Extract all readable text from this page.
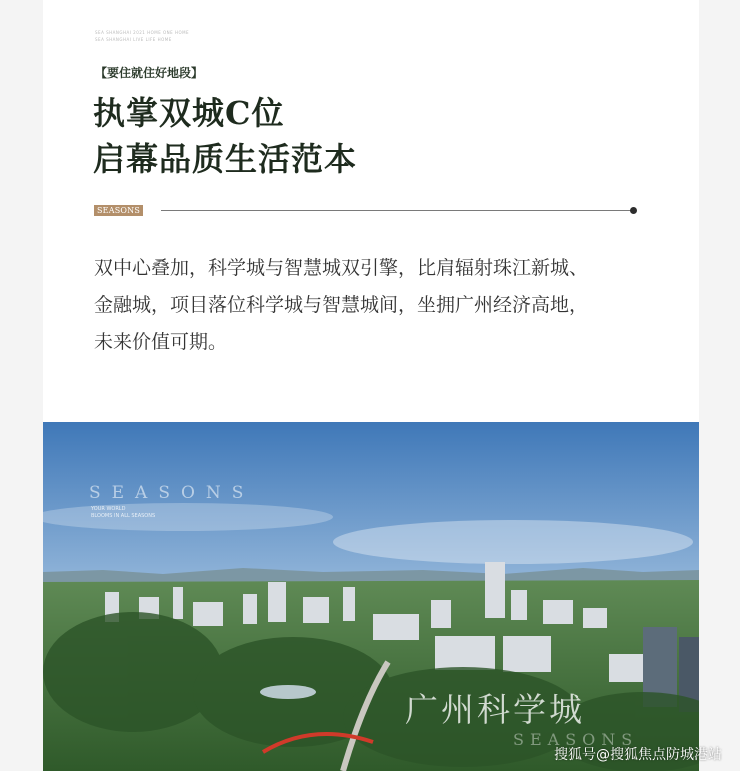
SEA SHANGHAI 2021 HOME ONE HOME
SEA SHANGHAI LIVE LIFE HOME
【要住就住好地段】
执掌双城C位
启幕品质生活范本
SEASONS
双中心叠加，科学城与智慧城双引擎，比肩辐射珠江新城、
金融城，项目落位科学城与智慧城间，坐拥广州经济高地，
未来价值可期。
SEASONS
YOUR WORLD
BLOOMS IN ALL SEASONS
广州科学城
SEASONS
搜狐号@搜狐焦点防城港站
